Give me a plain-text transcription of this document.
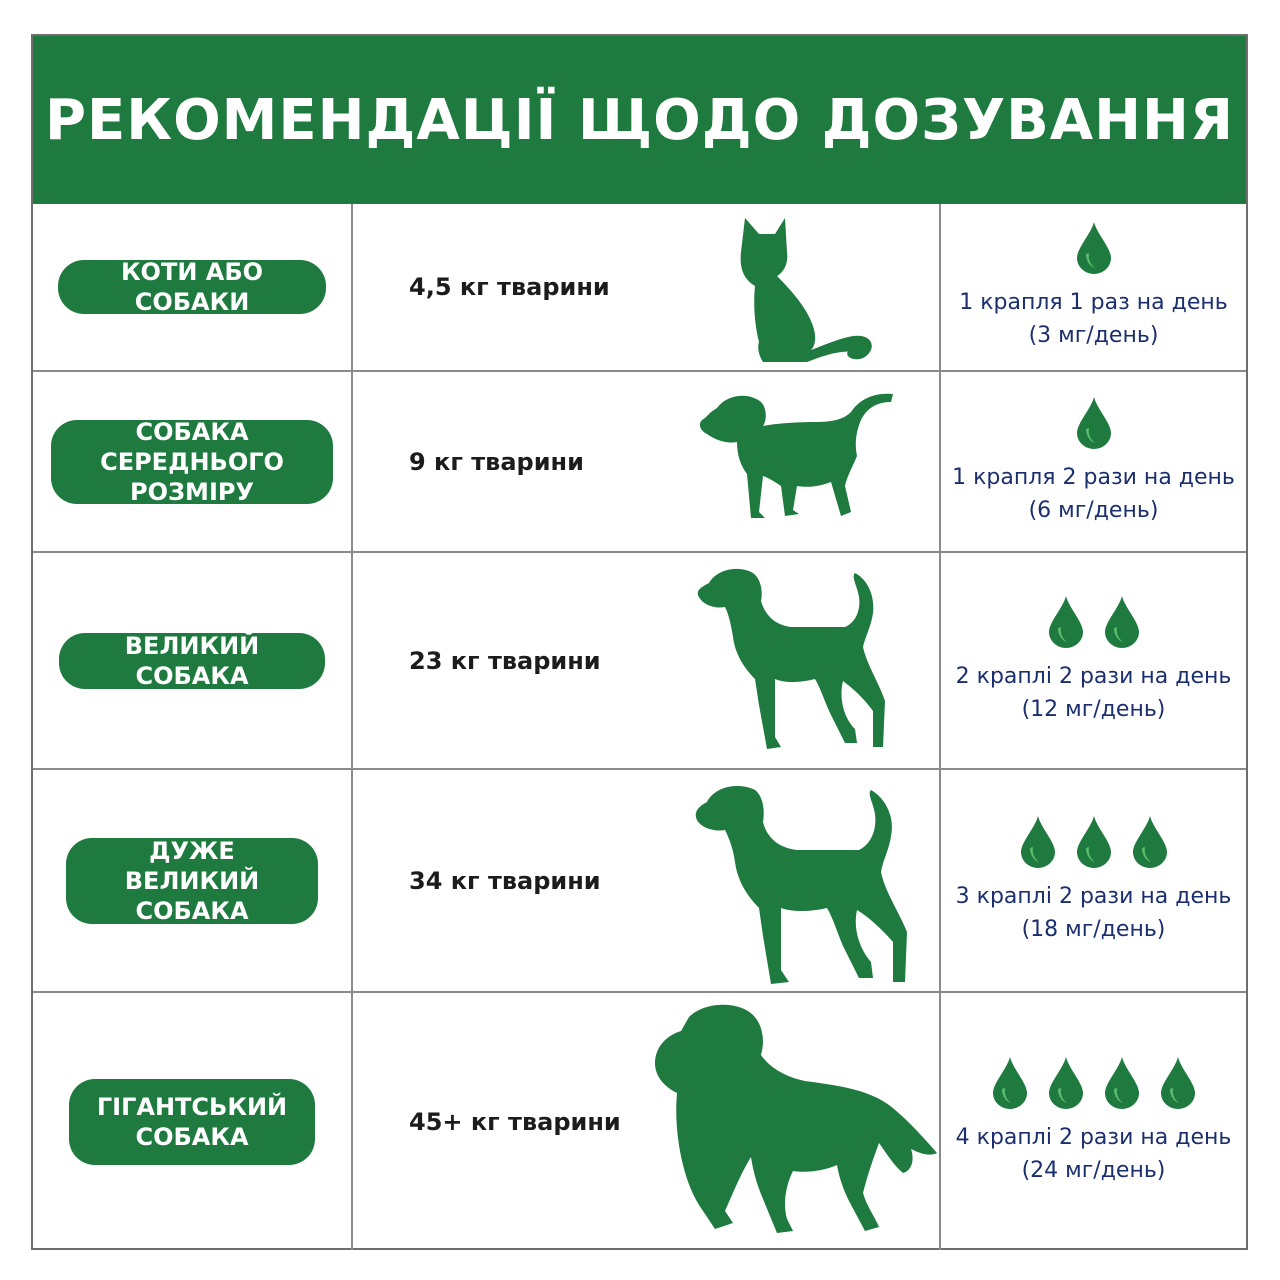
РЕКОМЕНДАЦІЇ ЩОДО ДОЗУВАННЯ
КОТИ АБО СОБАКИ
4,5 кг тварини
1 крапля 1 раз на день
(3 мг/день)
СОБАКА СЕРЕДНЬОГО РОЗМІРУ
9 кг тварини
1 крапля 2 рази на день
(6 мг/день)
ВЕЛИКИЙ СОБАКА
23 кг тварини
2 краплі 2 рази на день
(12 мг/день)
ДУЖЕ ВЕЛИКИЙ СОБАКА
34 кг тварини
3 краплі 2 рази на день
(18 мг/день)
ГІГАНТСЬКИЙ СОБАКА
45+ кг тварини
4 краплі 2 рази на день
(24 мг/день)
